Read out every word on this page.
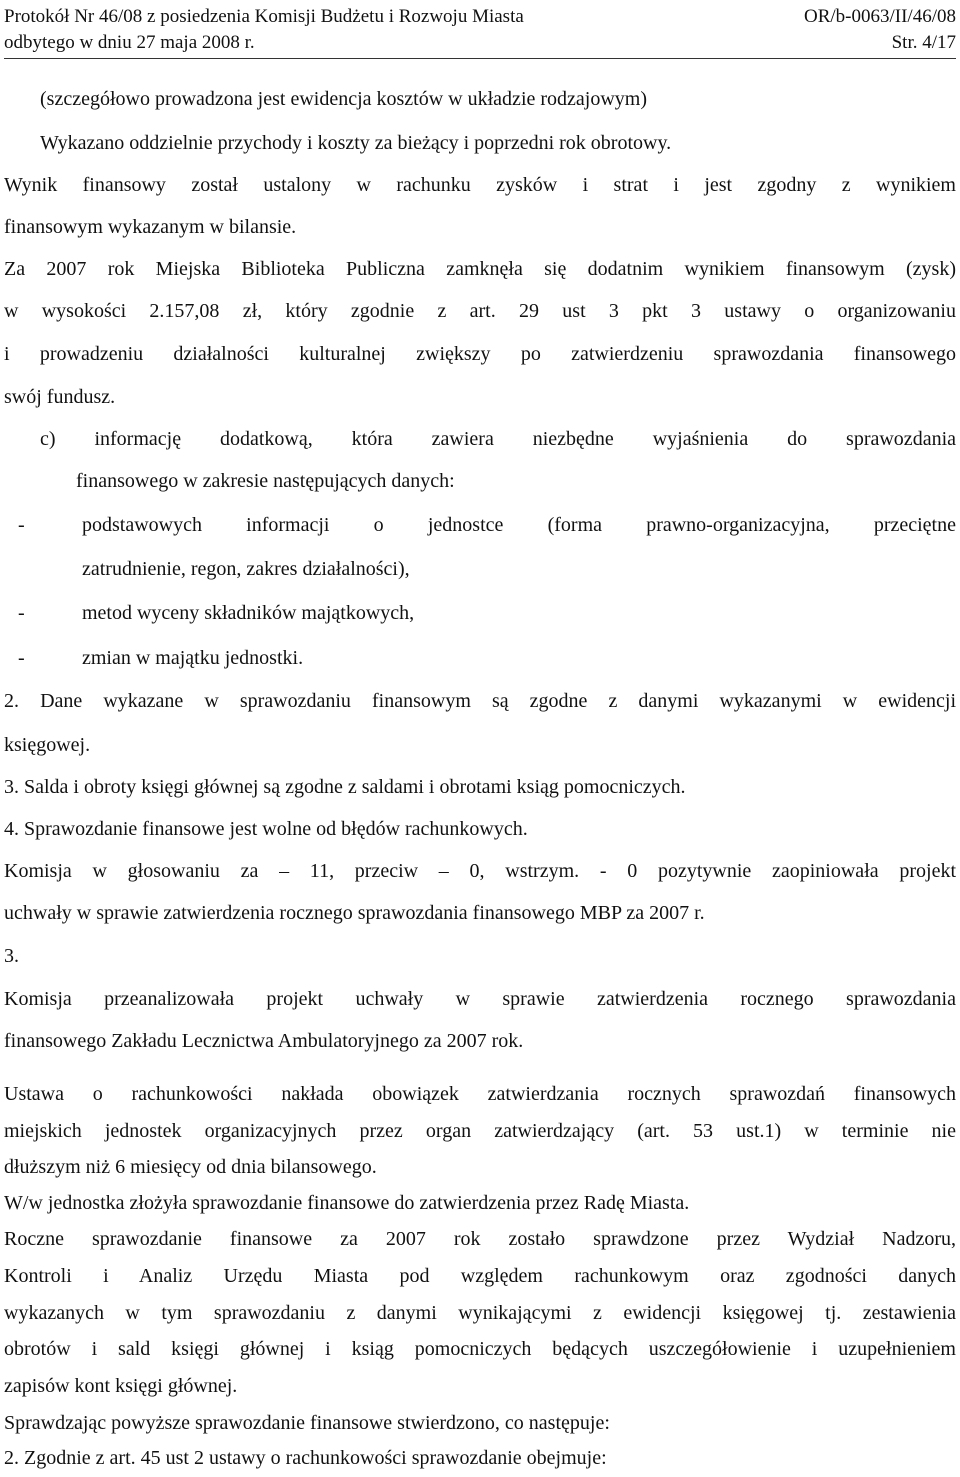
Protokół Nr 46/08 z posiedzenia Komisji Budżetu i Rozwoju Miasta	OR/b-0063/II/46/08
odbytego w dniu 27 maja 2008 r.	Str. 4/17
(szczegółowo prowadzona jest ewidencja kosztów w układzie rodzajowym)
Wykazano oddzielnie przychody i koszty za bieżący i poprzedni rok obrotowy.
Wynik finansowy został ustalony w rachunku zysków i strat i jest zgodny z wynikiem
finansowym wykazanym w bilansie.
Za 2007 rok Miejska Biblioteka Publiczna zamknęła się dodatnim wynikiem finansowym (zysk)
w wysokości 2.157,08 zł, który zgodnie z art. 29 ust 3 pkt 3 ustawy o organizowaniu
i prowadzeniu działalności kulturalnej zwiększy po zatwierdzeniu sprawozdania finansowego
swój fundusz.
c) informację dodatkową, która zawiera niezbędne wyjaśnienia do sprawozdania
finansowego w zakresie następujących danych:
-	podstawowych informacji o jednostce (forma prawno-organizacyjna, przeciętne
zatrudnienie, regon, zakres działalności),
-	metod wyceny składników majątkowych,
-	zmian w majątku jednostki.
2. Dane wykazane w sprawozdaniu finansowym są zgodne z danymi wykazanymi w ewidencji
księgowej.
3. Salda i obroty księgi głównej są zgodne z saldami i obrotami ksiąg pomocniczych.
4. Sprawozdanie finansowe jest wolne od błędów rachunkowych.
Komisja w głosowaniu za – 11, przeciw – 0, wstrzym. - 0 pozytywnie zaopiniowała projekt
uchwały w sprawie zatwierdzenia rocznego sprawozdania finansowego MBP za 2007 r.
3.
Komisja przeanalizowała projekt uchwały w sprawie zatwierdzenia rocznego sprawozdania
finansowego Zakładu Lecznictwa Ambulatoryjnego za 2007 rok.
Ustawa o rachunkowości nakłada obowiązek zatwierdzania rocznych sprawozdań finansowych
miejskich jednostek organizacyjnych przez organ zatwierdzający (art. 53 ust.1) w terminie nie
dłuższym niż 6 miesięcy od dnia bilansowego.
W/w jednostka złożyła sprawozdanie finansowe do zatwierdzenia przez Radę Miasta.
Roczne sprawozdanie finansowe za 2007 rok zostało sprawdzone przez Wydział Nadzoru,
Kontroli i Analiz Urzędu Miasta pod względem rachunkowym oraz zgodności danych
wykazanych w tym sprawozdaniu z danymi wynikającymi z ewidencji księgowej tj. zestawienia
obrotów i sald księgi głównej i ksiąg pomocniczych będących uszczegółowienie i uzupełnieniem
zapisów kont księgi głównej.
Sprawdzając powyższe sprawozdanie finansowe stwierdzono, co następuje:
2. Zgodnie z art. 45 ust 2 ustawy o rachunkowości sprawozdanie obejmuje:
